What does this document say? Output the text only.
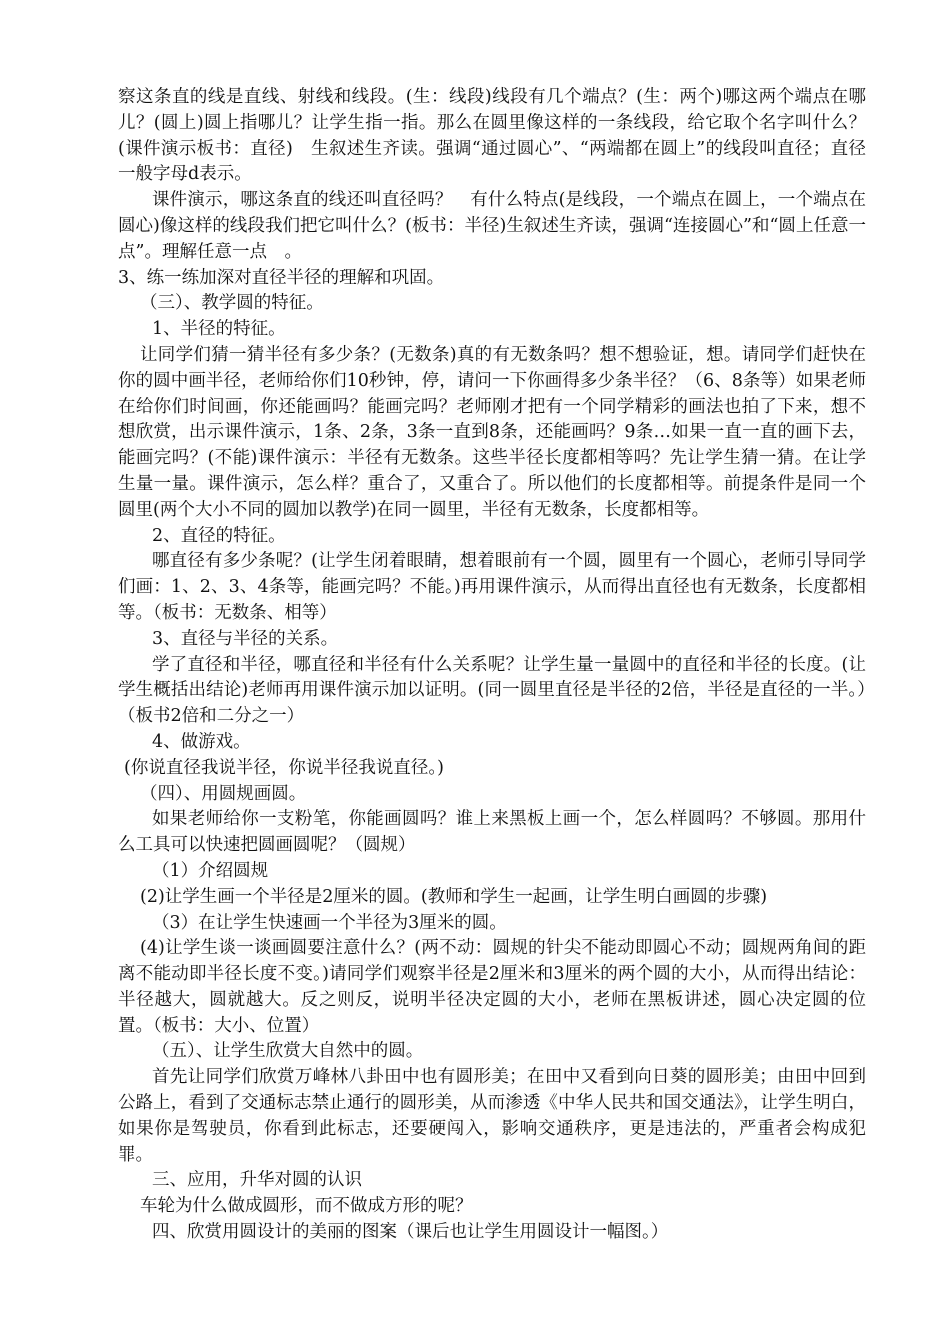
察这条直的线是直线、射线和线段。(生：线段)线段有几个端点？(生：两个)哪这两个端点在哪儿？(圆上)圆上指哪儿？让学生指一指。那么在圆里像这样的一条线段，给它取个名字叫什么？(课件演示板书：直径)　生叙述生齐读。强调“通过圆心”、“两端都在圆上”的线段叫直径；直径一般字母d表示。

课件演示，哪这条直的线还叫直径吗？　有什么特点(是线段，一个端点在圆上，一个端点在圆心)像这样的线段我们把它叫什么？(板书：半径)生叙述生齐读，强调“连接圆心”和“圆上任意一点”。理解任意一点　。

3、练一练加深对直径半径的理解和巩固。

（三）、教学圆的特征。

1、半径的特征。

让同学们猜一猜半径有多少条？(无数条)真的有无数条吗？想不想验证，想。请同学们赶快在你的圆中画半径，老师给你们10秒钟，停，请问一下你画得多少条半径？（6、8条等）如果老师在给你们时间画，你还能画吗？能画完吗？老师刚才把有一个同学精彩的画法也拍了下来，想不想欣赏，出示课件演示，1条、2条，3条一直到8条，还能画吗？9条…如果一直一直的画下去，能画完吗？(不能)课件演示：半径有无数条。这些半径长度都相等吗？先让学生猜一猜。在让学生量一量。课件演示，怎么样？重合了，又重合了。所以他们的长度都相等。前提条件是同一个圆里(两个大小不同的圆加以教学)在同一圆里，半径有无数条，长度都相等。

2、直径的特征。

哪直径有多少条呢？(让学生闭着眼睛，想着眼前有一个圆，圆里有一个圆心，老师引导同学们画：1、2、3、4条等，能画完吗？不能。)再用课件演示，从而得出直径也有无数条，长度都相等。（板书：无数条、相等）

3、直径与半径的关系。

学了直径和半径，哪直径和半径有什么关系呢？让学生量一量圆中的直径和半径的长度。(让学生概括出结论)老师再用课件演示加以证明。(同一圆里直径是半径的2倍，半径是直径的一半。）（板书2倍和二分之一）

4、做游戏。

(你说直径我说半径，你说半径我说直径。)

（四）、用圆规画圆。

如果老师给你一支粉笔，你能画圆吗？谁上来黑板上画一个，怎么样圆吗？不够圆。那用什么工具可以快速把圆画圆呢？（圆规）

（1）介绍圆规

(2)让学生画一个半径是2厘米的圆。(教师和学生一起画，让学生明白画圆的步骤)

（3）在让学生快速画一个半径为3厘米的圆。

(4)让学生谈一谈画圆要注意什么？(两不动：圆规的针尖不能动即圆心不动；圆规两角间的距离不能动即半径长度不变。)请同学们观察半径是2厘米和3厘米的两个圆的大小，从而得出结论：半径越大，圆就越大。反之则反，说明半径决定圆的大小，老师在黑板讲述，圆心决定圆的位置。（板书：大小、位置）

（五）、让学生欣赏大自然中的圆。

首先让同学们欣赏万峰林八卦田中也有圆形美；在田中又看到向日葵的圆形美；由田中回到公路上，看到了交通标志禁止通行的圆形美，从而渗透《中华人民共和国交通法》，让学生明白，如果你是驾驶员，你看到此标志，还要硬闯入，影响交通秩序，更是违法的，严重者会构成犯罪。

三、应用，升华对圆的认识

车轮为什么做成圆形，而不做成方形的呢？

四、欣赏用圆设计的美丽的图案（课后也让学生用圆设计一幅图。）
